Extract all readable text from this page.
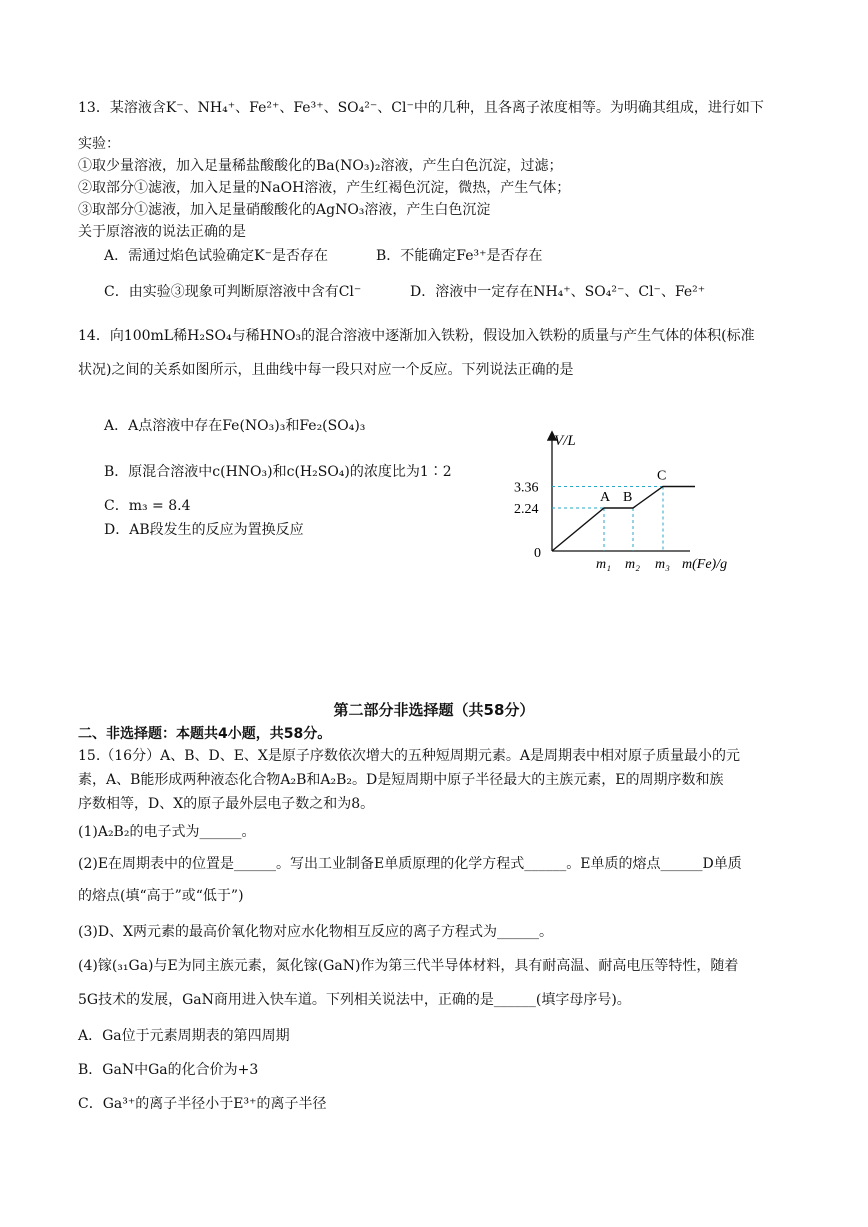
13．某溶液含K⁻、NH₄⁺、Fe²⁺、Fe³⁺、SO₄²⁻、Cl⁻中的几种，且各离子浓度相等。为明确其组成，进行如下
实验：
①取少量溶液，加入足量稀盐酸酸化的Ba(NO₃)₂溶液，产生白色沉淀，过滤；
②取部分①滤液，加入足量的NaOH溶液，产生红褐色沉淀，微热，产生气体；
③取部分①滤液，加入足量硝酸酸化的AgNO₃溶液，产生白色沉淀
关于原溶液的说法正确的是
A．需通过焰色试验确定K⁻是否存在	B．不能确定Fe³⁺是否存在
C．由实验③现象可判断原溶液中含有Cl⁻	D．溶液中一定存在NH₄⁺、SO₄²⁻、Cl⁻、Fe²⁺
14．向100mL稀H₂SO₄与稀HNO₃的混合溶液中逐渐加入铁粉，假设加入铁粉的质量与产生气体的体积(标准
状况)之间的关系如图所示，且曲线中每一段只对应一个反应。下列说法正确的是
A．A点溶液中存在Fe(NO₃)₃和Fe₂(SO₄)₃
B．原混合溶液中c(HNO₃)和c(H₂SO₄)的浓度比为1∶2
C．m₃ = 8.4
D．AB段发生的反应为置换反应
V/L
0
m(Fe)/g
2.24
3.36
m₁ m₂ m₃
A B
C
第二部分非选择题（共58分）
二、非选择题：本题共4小题，共58分。
15.（16分）A、B、D、E、X是原子序数依次增大的五种短周期元素。A是周期表中相对原子质量最小的元
素，A、B能形成两种液态化合物A₂B和A₂B₂。D是短周期中原子半径最大的主族元素，E的周期序数和族
序数相等，D、X的原子最外层电子数之和为8。
(1)A₂B₂的电子式为______。
(2)E在周期表中的位置是______。写出工业制备E单质原理的化学方程式______。E单质的熔点______D单质
的熔点(填“高于”或“低于”)
(3)D、X两元素的最高价氧化物对应水化物相互反应的离子方程式为______。
(4)镓(₃₁Ga)与E为同主族元素，氮化镓(GaN)作为第三代半导体材料，具有耐高温、耐高电压等特性，随着
5G技术的发展，GaN商用进入快车道。下列相关说法中，正确的是______(填字母序号)。
A．Ga位于元素周期表的第四周期
B．GaN中Ga的化合价为+3
C．Ga³⁺的离子半径小于E³⁺的离子半径
